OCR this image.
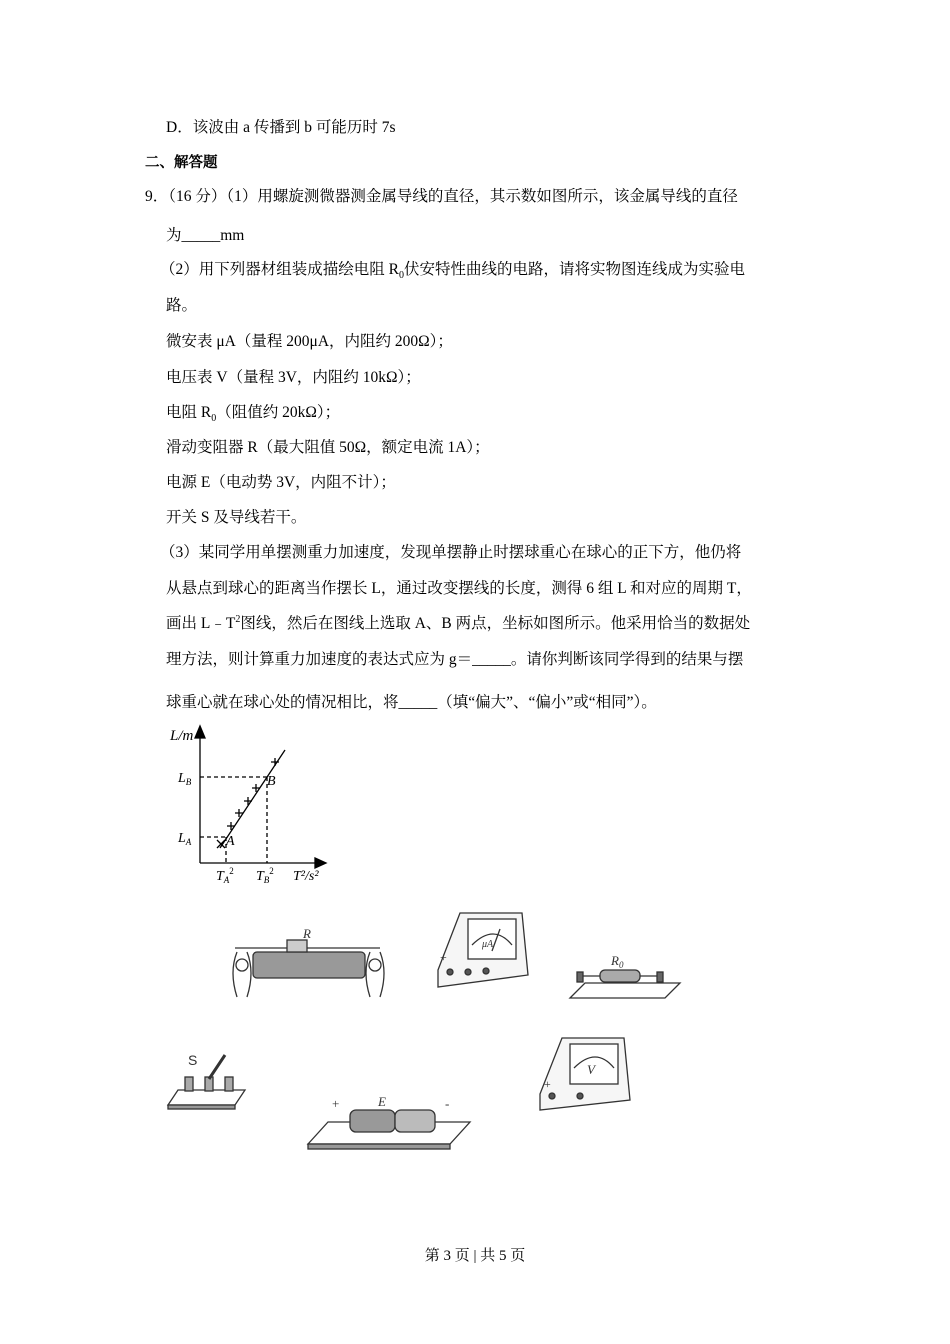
D．该波由 a 传播到 b 可能历时 7s
二、解答题
9．（16 分）（1）用螺旋测微器测金属导线的直径，其示数如图所示，该金属导线的直径
为_____mm
（2）用下列器材组装成描绘电阻 $R_0$伏安特性曲线的电路，请将实物图连线成为实验电
路。
微安表 μA（量程 200μA，内阻约 200Ω）；
电压表 V（量程 3V，内阻约 10kΩ）；
电阻 $R_0$（阻值约 20kΩ）；
滑动变阻器 R（最大阻值 50Ω，额定电流 1A）；
电源 E（电动势 3V，内阻不计）；
开关 S 及导线若干。
（3）某同学用单摆测重力加速度，发现单摆静止时摆球重心在球心的正下方，他仍将
从悬点到球心的距离当作摆长 L，通过改变摆线的长度，测得 6 组 L 和对应的周期 T，
画出 $L﹣T^2$图线，然后在图线上选取 A、B 两点，坐标如图所示。他采用恰当的数据处
理方法，则计算重力加速度的表达式应为 g＝_____。请你判断该同学得到的结果与摆
球重心就在球心处的情况相比，将_____（填“偏大”、“偏小”或“相同”）。
L/m
$L_B$
$L_A$
$T_A^2$ $T_B^2$ T²/s²
A
B
R
μA
+	$R_0$
S
+	E	-
V
+
第 3 页 | 共 5 页
